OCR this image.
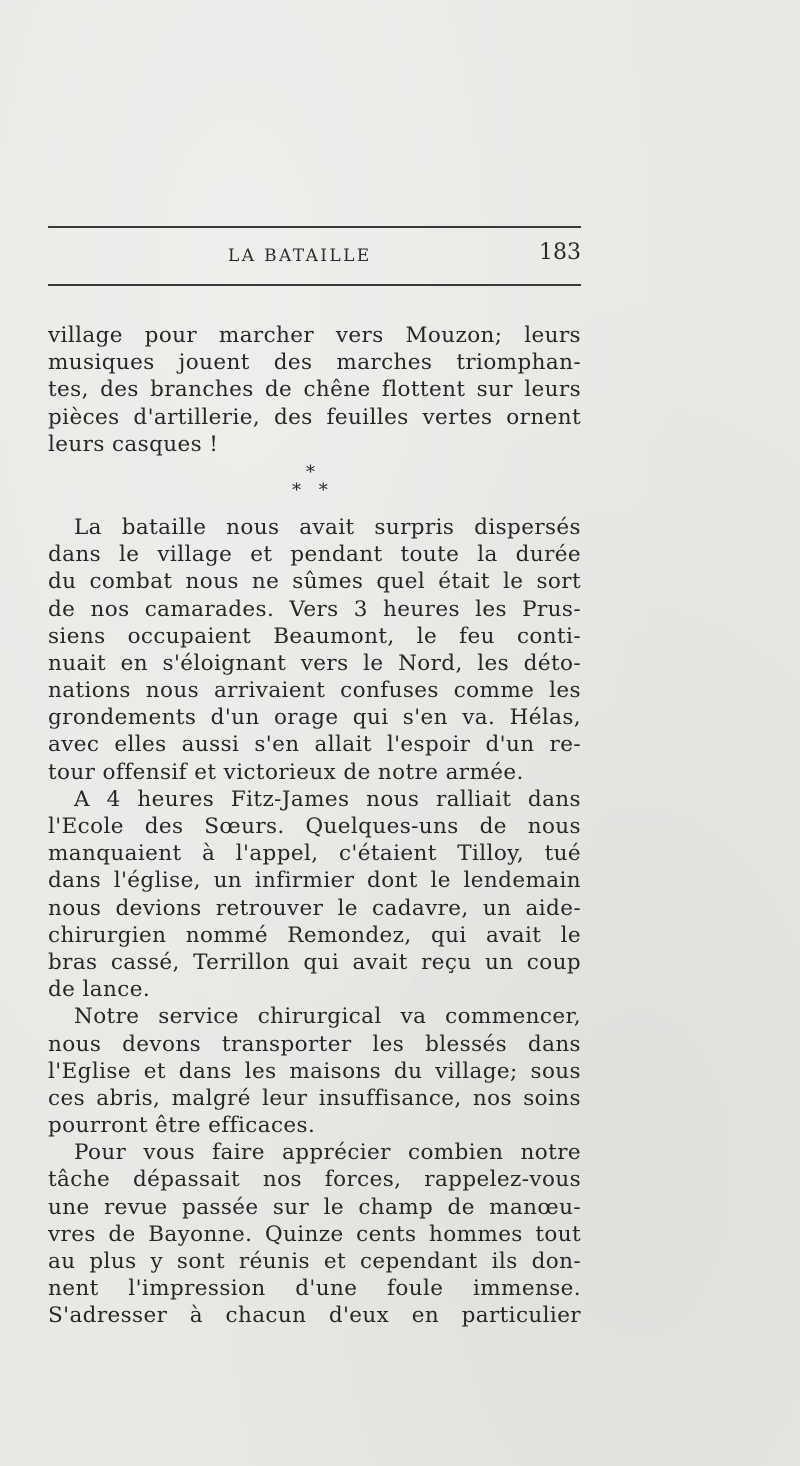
LA BATAILLE	183
village pour marcher vers Mouzon; leurs
musiques jouent des marches triomphan-
tes, des branches de chêne flottent sur leurs
pièces d'artillerie, des feuilles vertes ornent
leurs casques !
*
* *
La bataille nous avait surpris dispersés
dans le village et pendant toute la durée
du combat nous ne sûmes quel était le sort
de nos camarades. Vers 3 heures les Prus-
siens occupaient Beaumont, le feu conti-
nuait en s'éloignant vers le Nord, les déto-
nations nous arrivaient confuses comme les
grondements d'un orage qui s'en va. Hélas,
avec elles aussi s'en allait l'espoir d'un re-
tour offensif et victorieux de notre armée.
A 4 heures Fitz-James nous ralliait dans
l'Ecole des Sœurs. Quelques-uns de nous
manquaient à l'appel, c'étaient Tilloy, tué
dans l'église, un infirmier dont le lendemain
nous devions retrouver le cadavre, un aide-
chirurgien nommé Remondez, qui avait le
bras cassé, Terrillon qui avait reçu un coup
de lance.
Notre service chirurgical va commencer,
nous devons transporter les blessés dans
l'Eglise et dans les maisons du village; sous
ces abris, malgré leur insuffisance, nos soins
pourront être efficaces.
Pour vous faire apprécier combien notre
tâche dépassait nos forces, rappelez-vous
une revue passée sur le champ de manœu-
vres de Bayonne. Quinze cents hommes tout
au plus y sont réunis et cependant ils don-
nent l'impression d'une foule immense.
S'adresser à chacun d'eux en particulier
